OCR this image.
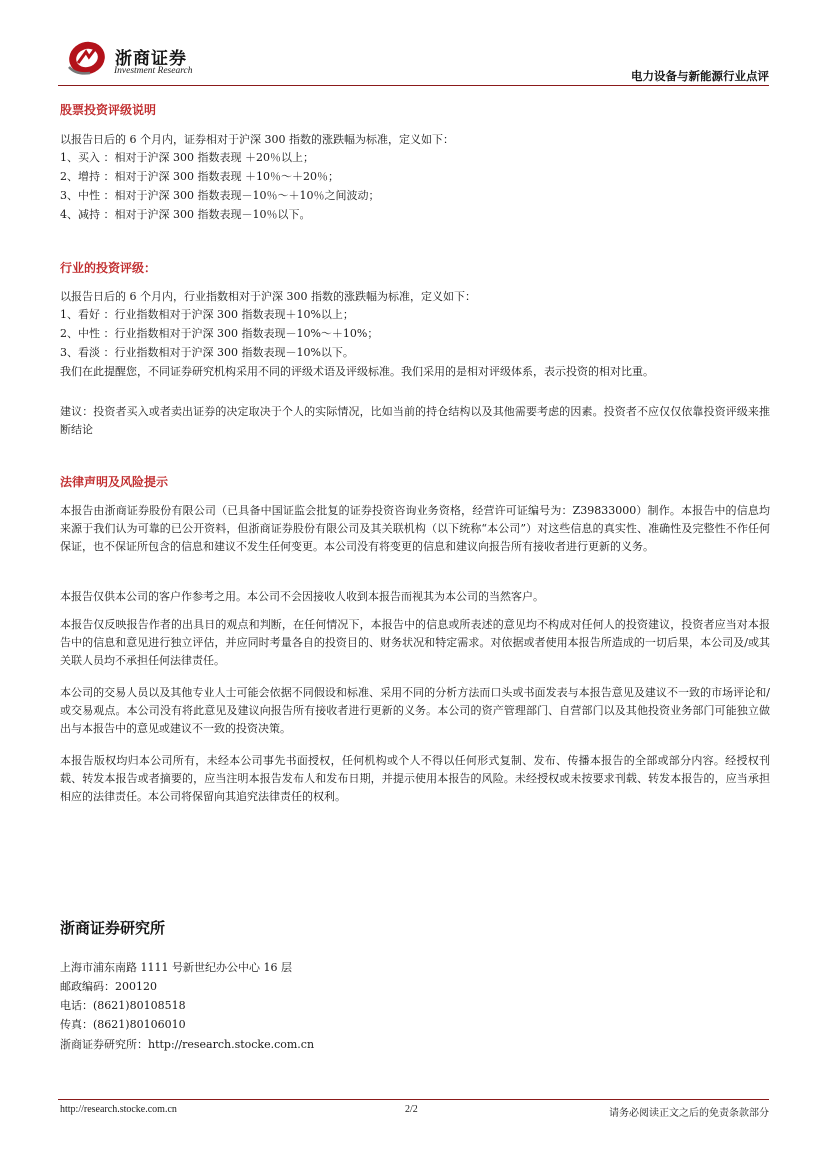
浙商证券
Investment Research	电力设备与新能源行业点评
股票投资评级说明
以报告日后的 6 个月内，证券相对于沪深 300 指数的涨跌幅为标准，定义如下：
1、买入 ：相对于沪深 300 指数表现 ＋20％以上；
2、增持 ：相对于沪深 300 指数表现 ＋10％～＋20％；
3、中性 ：相对于沪深 300 指数表现－10％～＋10％之间波动；
4、减持 ：相对于沪深 300 指数表现－10％以下。
行业的投资评级：
以报告日后的 6 个月内，行业指数相对于沪深 300 指数的涨跌幅为标准，定义如下：
1、看好 ：行业指数相对于沪深 300 指数表现＋10%以上；
2、中性 ：行业指数相对于沪深 300 指数表现－10%～＋10%；
3、看淡 ：行业指数相对于沪深 300 指数表现－10%以下。
我们在此提醒您，不同证券研究机构采用不同的评级术语及评级标准。我们采用的是相对评级体系，表示投资的相对比重。
建议：投资者买入或者卖出证券的决定取决于个人的实际情况，比如当前的持仓结构以及其他需要考虑的因素。投资者不应仅仅依靠投资评级来推断结论
法律声明及风险提示
本报告由浙商证券股份有限公司（已具备中国证监会批复的证券投资咨询业务资格，经营许可证编号为：Z39833000）制作。本报告中的信息均来源于我们认为可靠的已公开资料，但浙商证券股份有限公司及其关联机构（以下统称“本公司”）对这些信息的真实性、准确性及完整性不作任何保证，也不保证所包含的信息和建议不发生任何变更。本公司没有将变更的信息和建议向报告所有接收者进行更新的义务。
本报告仅供本公司的客户作参考之用。本公司不会因接收人收到本报告而视其为本公司的当然客户。
本报告仅反映报告作者的出具日的观点和判断，在任何情况下，本报告中的信息或所表述的意见均不构成对任何人的投资建议，投资者应当对本报告中的信息和意见进行独立评估，并应同时考量各自的投资目的、财务状况和特定需求。对依据或者使用本报告所造成的一切后果，本公司及/或其关联人员均不承担任何法律责任。
本公司的交易人员以及其他专业人士可能会依据不同假设和标准、采用不同的分析方法而口头或书面发表与本报告意见及建议不一致的市场评论和/或交易观点。本公司没有将此意见及建议向报告所有接收者进行更新的义务。本公司的资产管理部门、自营部门以及其他投资业务部门可能独立做出与本报告中的意见或建议不一致的投资决策。
本报告版权均归本公司所有，未经本公司事先书面授权，任何机构或个人不得以任何形式复制、发布、传播本报告的全部或部分内容。经授权刊载、转发本报告或者摘要的，应当注明本报告发布人和发布日期，并提示使用本报告的风险。未经授权或未按要求刊载、转发本报告的，应当承担相应的法律责任。本公司将保留向其追究法律责任的权利。
浙商证券研究所
上海市浦东南路 1111 号新世纪办公中心 16 层
邮政编码：200120
电话：(8621)80108518
传真：(8621)80106010
浙商证券研究所：http://research.stocke.com.cn
http://research.stocke.com.cn	2/2	请务必阅读正文之后的免责条款部分
